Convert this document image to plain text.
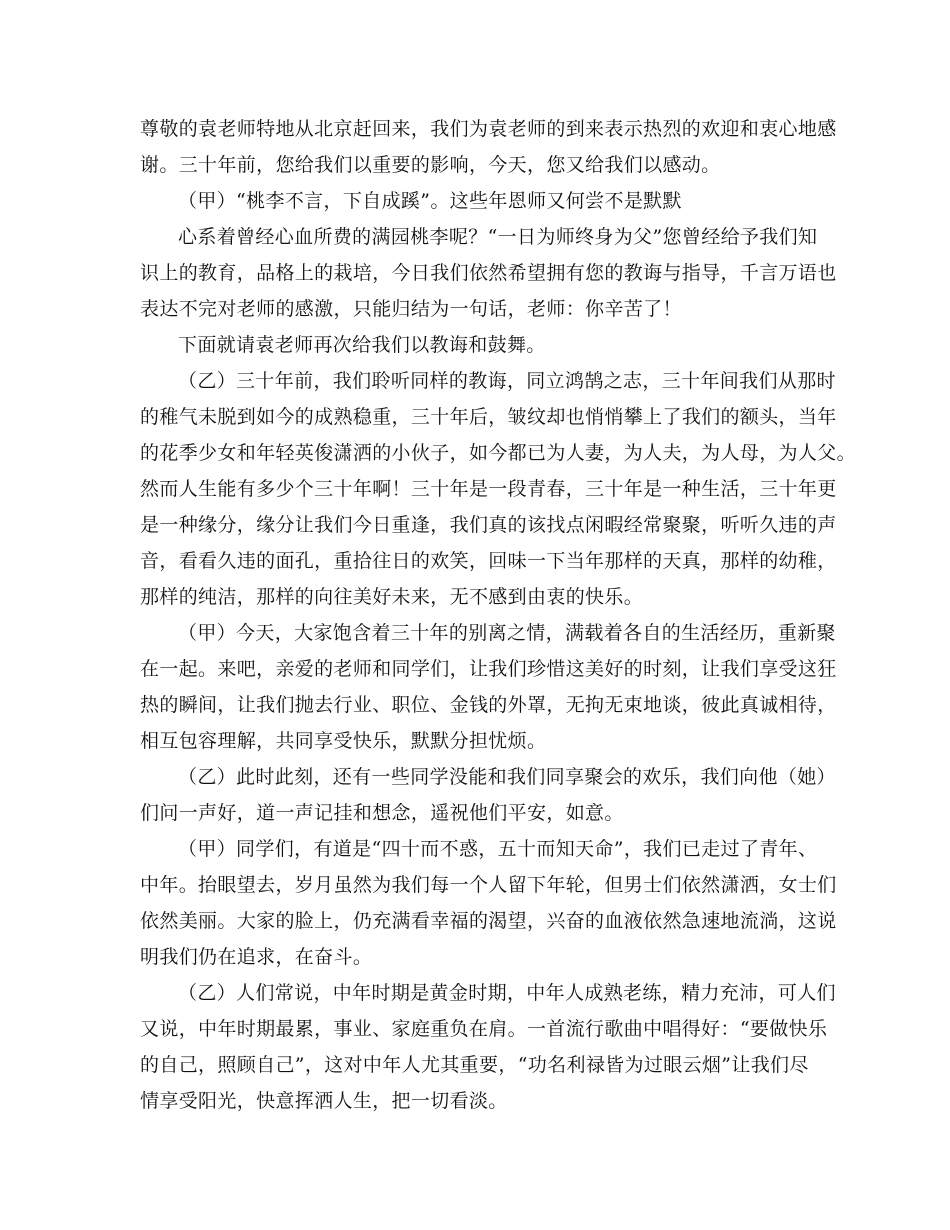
尊敬的袁老师特地从北京赶回来，我们为袁老师的到来表示热烈的欢迎和衷心地感
谢。三十年前，您给我们以重要的影响，今天，您又给我们以感动。
（甲）“桃李不言，下自成蹊”。这些年恩师又何尝不是默默
心系着曾经心血所费的满园桃李呢？“一日为师终身为父”您曾经给予我们知
识上的教育，品格上的栽培，今日我们依然希望拥有您的教诲与指导，千言万语也
表达不完对老师的感激，只能归结为一句话，老师：你辛苦了！
下面就请袁老师再次给我们以教诲和鼓舞。
（乙）三十年前，我们聆听同样的教诲，同立鸿鹄之志，三十年间我们从那时
的稚气未脱到如今的成熟稳重，三十年后，皱纹却也悄悄攀上了我们的额头，当年
的花季少女和年轻英俊潇洒的小伙子，如今都已为人妻，为人夫，为人母，为人父。
然而人生能有多少个三十年啊！三十年是一段青春，三十年是一种生活，三十年更
是一种缘分，缘分让我们今日重逢，我们真的该找点闲暇经常聚聚，听听久违的声
音，看看久违的面孔，重拾往日的欢笑，回味一下当年那样的天真，那样的幼稚，
那样的纯洁，那样的向往美好未来，无不感到由衷的快乐。
（甲）今天，大家饱含着三十年的别离之情，满载着各自的生活经历，重新聚
在一起。来吧，亲爱的老师和同学们，让我们珍惜这美好的时刻，让我们享受这狂
热的瞬间，让我们抛去行业、职位、金钱的外罩，无拘无束地谈，彼此真诚相待，
相互包容理解，共同享受快乐，默默分担忧烦。
（乙）此时此刻，还有一些同学没能和我们同享聚会的欢乐，我们向他（她）
们问一声好，道一声记挂和想念，遥祝他们平安，如意。
（甲）同学们，有道是“四十而不惑，五十而知天命”，我们已走过了青年、
中年。抬眼望去，岁月虽然为我们每一个人留下年轮，但男士们依然潇洒，女士们
依然美丽。大家的脸上，仍充满看幸福的渴望，兴奋的血液依然急速地流淌，这说
明我们仍在追求，在奋斗。
（乙）人们常说，中年时期是黄金时期，中年人成熟老练，精力充沛，可人们
又说，中年时期最累，事业、家庭重负在肩。一首流行歌曲中唱得好：“要做快乐
的自己，照顾自己”，这对中年人尤其重要，“功名利禄皆为过眼云烟”让我们尽
情享受阳光，快意挥洒人生，把一切看淡。
